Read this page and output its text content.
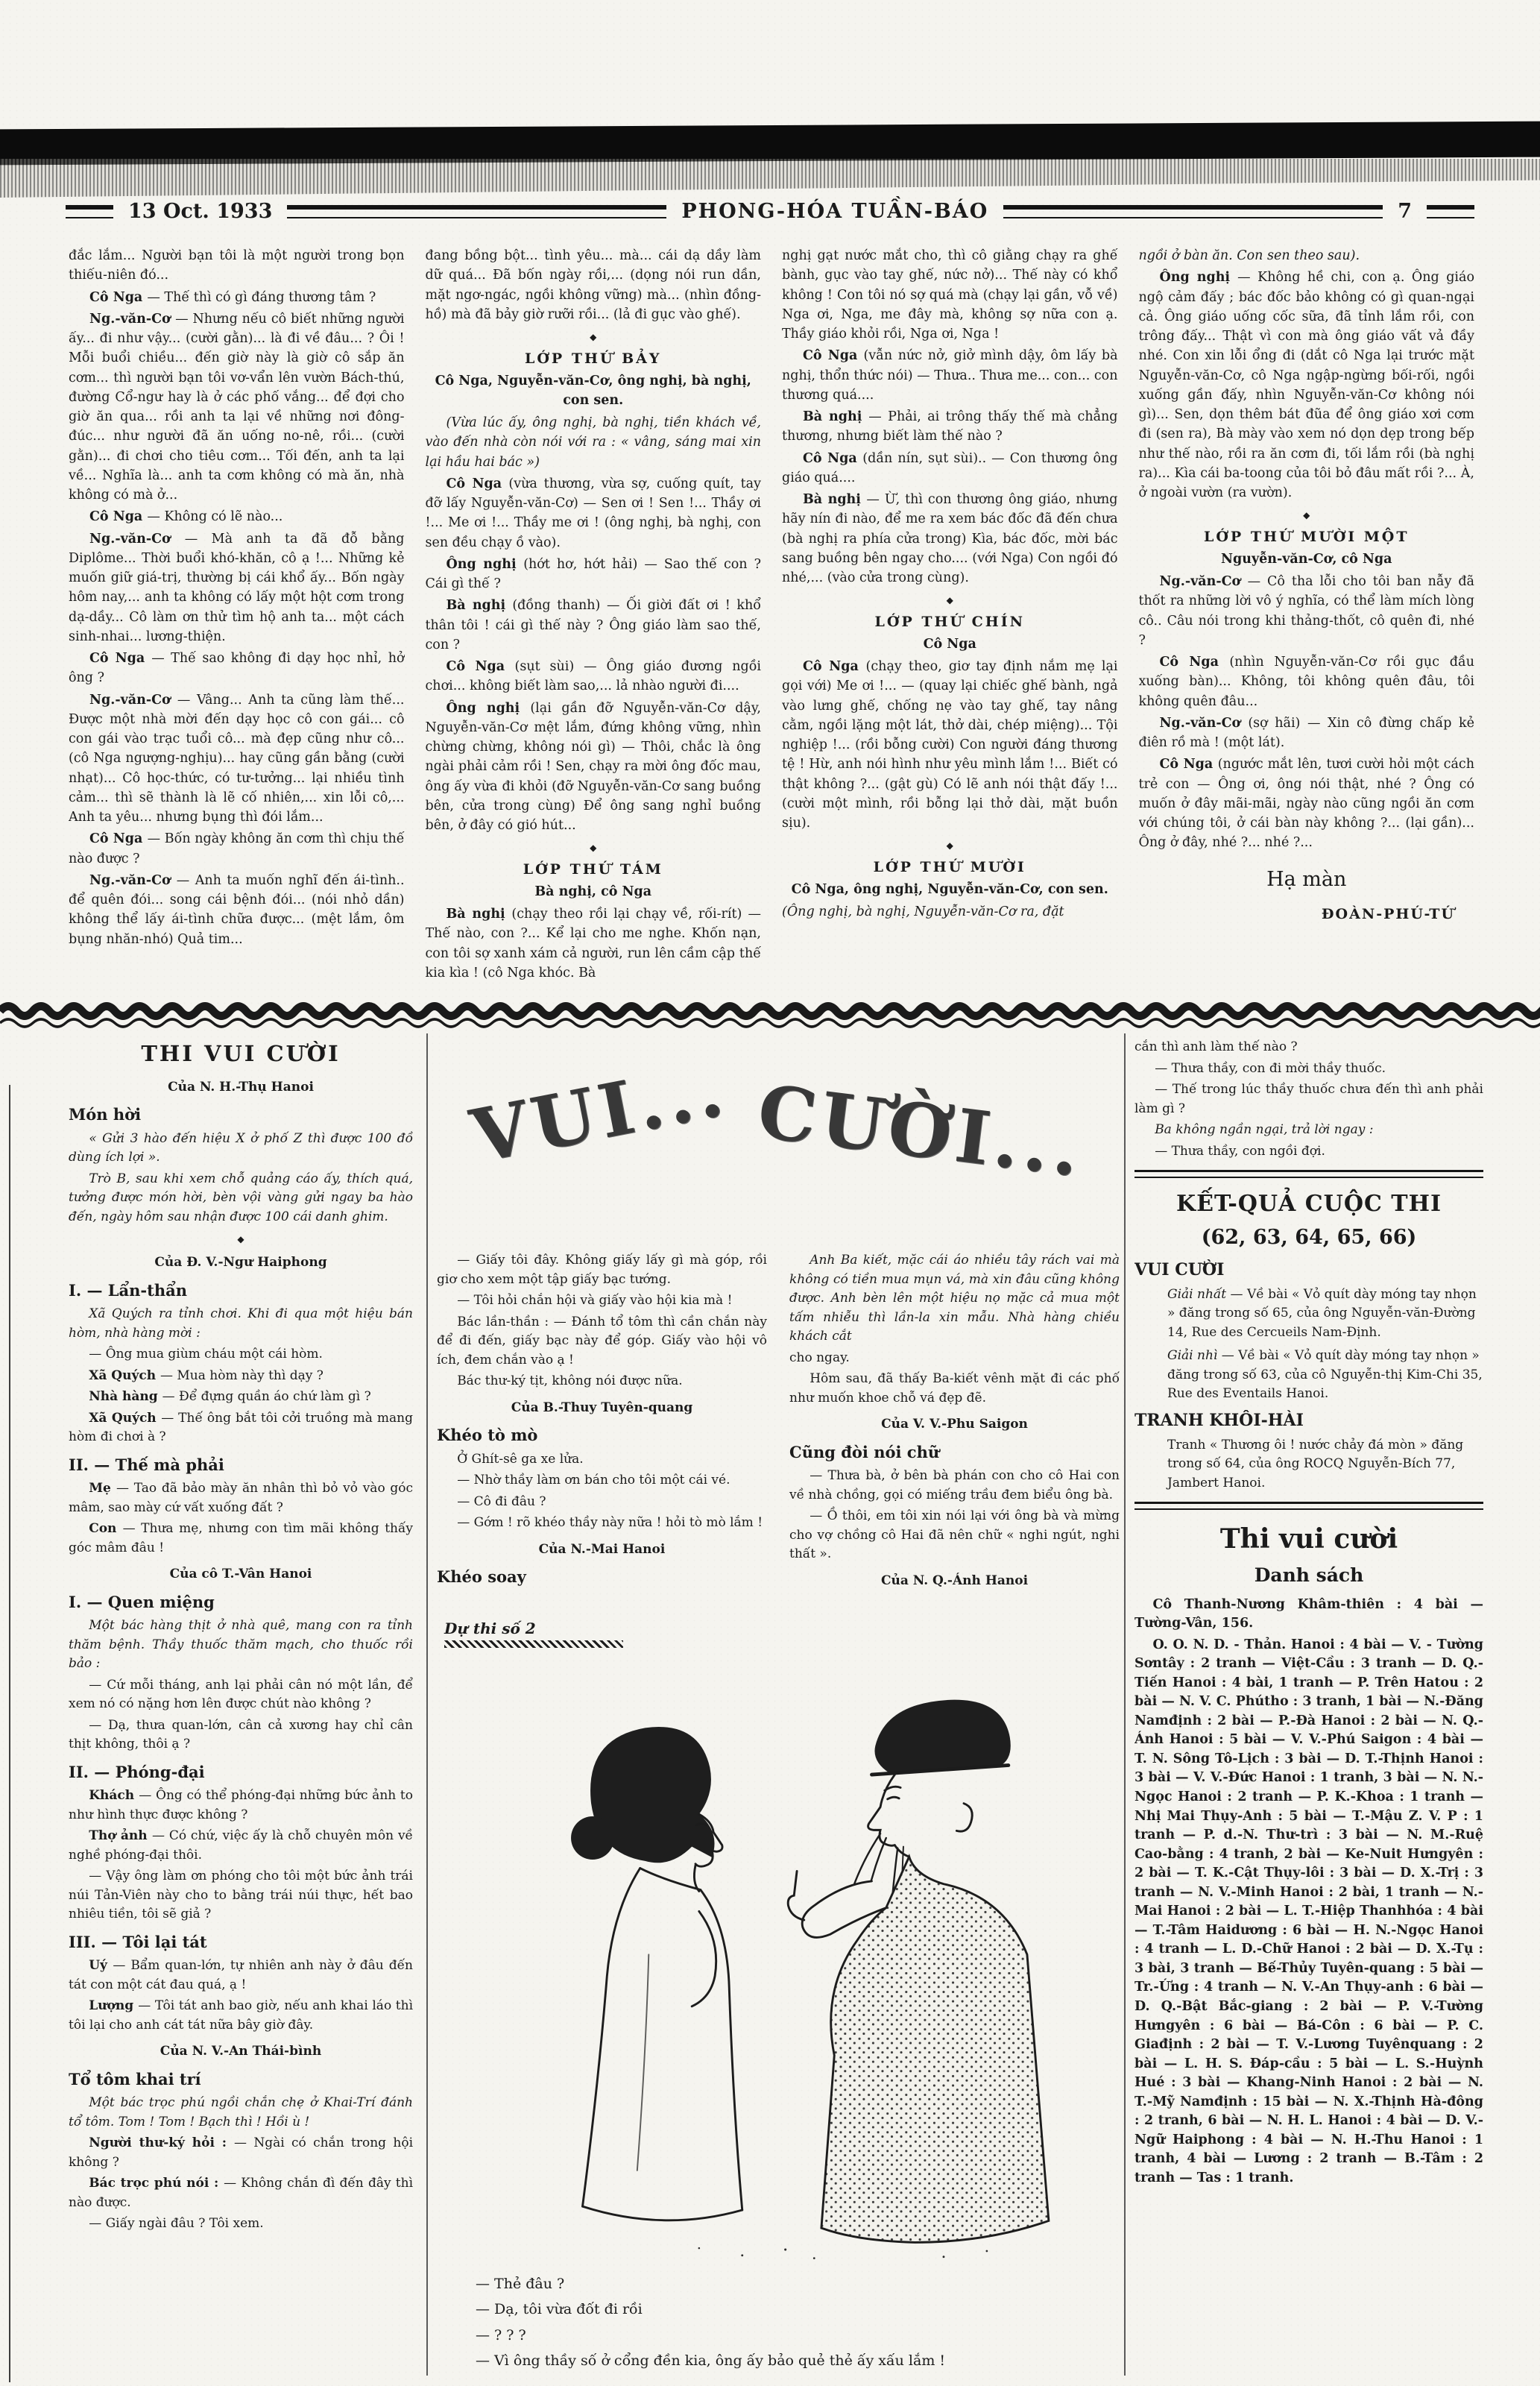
13 Oct. 1933	PHONG-HÓA TUẦN-BÁO	7

đắc lắm... Người bạn tôi là một người trong bọn thiếu-niên đó...

Cô Nga — Thế thì có gì đáng thương tâm ?

Ng.-văn-Cơ — Nhưng nếu cô biết những người ấy... đi như vậy... (cười gằn)... là đi về đâu... ? Ôi ! Mỗi buổi chiều... đến giờ này là giờ cô sắp ăn cơm... thì người bạn tôi vơ-vẩn lên vườn Bách-thú, đường Cổ-ngư hay là ở các phố vắng... để đợi cho giờ ăn qua... rồi anh ta lại về những nơi đông-đúc... như người đã ăn uống no-nê, rồi... (cười gằn)... đi chơi cho tiêu cơm... Tối đến, anh ta lại về... Nghĩa là... anh ta cơm không có mà ăn, nhà không có mà ở...

Cô Nga — Không có lẽ nào...

Ng.-văn-Cơ — Mà anh ta đã đỗ bằng Diplôme... Thời buổi khó-khăn, cô ạ !... Những kẻ muốn giữ giá-trị, thường bị cái khổ ấy... Bốn ngày hôm nay,... anh ta không có lấy một hột cơm trong dạ-dầy... Cô làm ơn thử tìm hộ anh ta... một cách sinh-nhai... lương-thiện.

Cô Nga — Thế sao không đi dạy học nhỉ, hở ông ?

Ng.-văn-Cơ — Vâng... Anh ta cũng làm thế... Được một nhà mời đến dạy học cô con gái... cô con gái vào trạc tuổi cô... mà đẹp cũng như cô... (cô Nga ngượng-nghịu)... hay cũng gần bằng (cười nhạt)... Cô học-thức, có tư-tưởng... lại nhiều tình cảm... thì sẽ thành là lẽ cố nhiên,... xin lỗi cô,... Anh ta yêu... nhưng bụng thì đói lắm...

Cô Nga — Bốn ngày không ăn cơm thì chịu thế nào được ?

Ng.-văn-Cơ — Anh ta muốn nghĩ đến ái-tình.. để quên đói... song cái bệnh đói... (nói nhỏ dần) không thể lấy ái-tình chữa được... (mệt lắm, ôm bụng nhăn-nhó) Quả tim...

đang bồng bột... tình yêu... mà... cái dạ dầy làm dữ quá... Đã bốn ngày rồi,... (dọng nói run dần, mặt ngơ-ngác, ngồi không vững) mà... (nhìn đồng-hồ) mà đã bảy giờ rưỡi rồi... (lả đi gục vào ghế).

◆

LỚP THỨ BẢY

Cô Nga, Nguyễn-văn-Cơ, ông nghị, bà nghị, con sen.

(Vừa lúc ấy, ông nghị, bà nghị, tiền khách về, vào đến nhà còn nói với ra : « vâng, sáng mai xin lại hầu hai bác »)

Cô Nga (vừa thương, vừa sợ, cuống quít, tay đỡ lấy Nguyễn-văn-Cơ) — Sen ơi ! Sen !... Thầy ơi !... Me ơi !... Thầy me ơi ! (ông nghị, bà nghị, con sen đều chạy ồ vào).

Ông nghị (hớt hơ, hớt hải) — Sao thế con ? Cái gì thế ?

Bà nghị (đồng thanh) — Ối giời đất ơi ! khổ thân tôi ! cái gì thế này ? Ông giáo làm sao thế, con ?

Cô Nga (sụt sùi) — Ông giáo đương ngồi chơi... không biết làm sao,... lả nhào người đi....

Ông nghị (lại gần đỡ Nguyễn-văn-Cơ dậy, Nguyễn-văn-Cơ mệt lắm, đứng không vững, nhìn chừng chừng, không nói gì) — Thôi, chắc là ông ngài phải cảm rồi ! Sen, chạy ra mời ông đốc mau, ông ấy vừa đi khỏi (đỡ Nguyễn-văn-Cơ sang buồng bên, cửa trong cùng) Để ông sang nghỉ buồng bên, ở đây có gió hút...

◆

LỚP THỨ TÁM

Bà nghị, cô Nga

Bà nghị (chạy theo rồi lại chạy về, rối-rít) — Thế nào, con ?... Kể lại cho me nghe. Khốn nạn, con tôi sợ xanh xám cả người, run lên cầm cập thế kia kìa ! (cô Nga khóc. Bà

nghị gạt nước mắt cho, thì cô giằng chạy ra ghế bành, gục vào tay ghế, nức nở)... Thế này có khổ không ! Con tôi nó sợ quá mà (chạy lại gần, vỗ về) Nga ơi, Nga, me đây mà, không sợ nữa con ạ. Thầy giáo khỏi rồi, Nga ơi, Nga !

Cô Nga (vẫn nức nở, giở mình dậy, ôm lấy bà nghị, thổn thức nói) — Thưa.. Thưa me... con... con thương quá....

Bà nghị — Phải, ai trông thấy thế mà chẳng thương, nhưng biết làm thế nào ?

Cô Nga (dần nín, sụt sùi).. — Con thương ông giáo quá....

Bà nghị — Ừ, thì con thương ông giáo, nhưng hãy nín đi nào, để me ra xem bác đốc đã đến chưa (bà nghị ra phía cửa trong) Kìa, bác đốc, mời bác sang buồng bên ngay cho.... (với Nga) Con ngồi đó nhé,... (vào cửa trong cùng).

◆

LỚP THỨ CHÍN

Cô Nga

Cô Nga (chạy theo, giơ tay định nắm mẹ lại gọi với) Me ơi !... — (quay lại chiếc ghế bành, ngả vào lưng ghế, chống nẹ vào tay ghế, tay nâng cằm, ngồi lặng một lát, thở dài, chép miệng)... Tội nghiệp !... (rồi bỗng cười) Con người đáng thương tệ ! Hừ, anh nói hình như yêu mình lắm !... Biết có thật không ?... (gật gù) Có lẽ anh nói thật đấy !... (cười một mình, rồi bỗng lại thở dài, mặt buồn sịu).

◆

LỚP THỨ MƯỜI

Cô Nga, ông nghị, Nguyễn-văn-Cơ, con sen.

(Ông nghị, bà nghị, Nguyễn-văn-Cơ ra, đặt

ngồi ở bàn ăn. Con sen theo sau).

Ông nghị — Không hề chi, con ạ. Ông giáo ngộ cảm đấy ; bác đốc bảo không có gì quan-ngại cả. Ông giáo uống cốc sữa, đã tỉnh lắm rồi, con trông đấy... Thật vì con mà ông giáo vất vả đầy nhé. Con xin lỗi ổng đi (dắt cô Nga lại trước mặt Nguyễn-văn-Cơ, cô Nga ngập-ngừng bối-rối, ngồi xuống gần đấy, nhìn Nguyễn-văn-Cơ không nói gì)... Sen, dọn thêm bát đũa để ông giáo xơi cơm đi (sen ra), Bà mày vào xem nó dọn dẹp trong bếp như thế nào, rồi ra ăn cơm đi, tối lắm rồi (bà nghị ra)... Kìa cái ba-toong của tôi bỏ đâu mất rồi ?... À, ở ngoài vườn (ra vườn).

◆

LỚP THỨ MƯỜI MỘT

Nguyễn-văn-Cơ, cô Nga

Ng.-văn-Cơ — Cô tha lỗi cho tôi ban nẫy đã thốt ra những lời vô ý nghĩa, có thể làm mích lòng cô.. Câu nói trong khi thảng-thốt, cô quên đi, nhé ?

Cô Nga (nhìn Nguyễn-văn-Cơ rồi gục đầu xuống bàn)... Không, tôi không quên đâu, tôi không quên đâu...

Ng.-văn-Cơ (sợ hãi) — Xin cô đừng chấp kẻ điên rồ mà ! (một lát).

Cô Nga (ngước mắt lên, tươi cười hỏi một cách trẻ con — Ông ơi, ông nói thật, nhé ? Ông có muốn ở đây mãi-mãi, ngày nào cũng ngồi ăn cơm với chúng tôi, ở cái bàn này không ?... (lại gần)... Ông ở đây, nhé ?... nhé ?...

Hạ màn

ĐOÀN-PHÚ-TỨ

THI VUI CƯỜI

Của N. H.-Thụ Hanoi

Món hời

« Gửi 3 hào đến hiệu X ở phố Z thì được 100 đồ dùng ích lợi ».

Trò B, sau khi xem chỗ quảng cáo ấy, thích quá, tưởng được món hời, bèn vội vàng gửi ngay ba hào đến, ngày hôm sau nhận được 100 cái danh ghim.

◆

Của Đ. V.-Ngư Haiphong

I. — Lẩn-thẩn

Xã Quých ra tỉnh chơi. Khi đi qua một hiệu bán hòm, nhà hàng mời :

— Ông mua giùm cháu một cái hòm.

Xã Quých — Mua hòm này thì dạy ?

Nhà hàng — Để đựng quần áo chứ làm gì ?

Xã Quých — Thế ông bắt tôi cởi truồng mà mang hòm đi chơi à ?

II. — Thế mà phải

Mẹ — Tao đã bảo mày ăn nhân thì bỏ vỏ vào góc mâm, sao mày cứ vất xuống đất ?

Con — Thưa mẹ, nhưng con tìm mãi không thấy góc mâm đâu !

Của cô T.-Vân Hanoi

I. — Quen miệng

Một bác hàng thịt ở nhà quê, mang con ra tỉnh thăm bệnh. Thầy thuốc thăm mạch, cho thuốc rồi bảo :

— Cứ mỗi tháng, anh lại phải cân nó một lần, để xem nó có nặng hơn lên được chút nào không ?

— Dạ, thưa quan-lớn, cân cả xương hay chỉ cân thịt không, thôi ạ ?

II. — Phóng-đại

Khách — Ông có thể phóng-đại những bức ảnh to như hình thực được không ?

Thợ ảnh — Có chứ, việc ấy là chỗ chuyên môn về nghề phóng-đại thôi.

— Vậy ông làm ơn phóng cho tôi một bức ảnh trái núi Tản-Viên này cho to bằng trái núi thực, hết bao nhiêu tiền, tôi sẽ giả ?

III. — Tôi lại tát

Uý — Bẩm quan-lớn, tự nhiên anh này ở đâu đến tát con một cát đau quá, ạ !

Lượng — Tôi tát anh bao giờ, nếu anh khai láo thì tôi lại cho anh cát tát nữa bây giờ đây.

Của N. V.-An Thái-bình

Tổ tôm khai trí

Một bác trọc phú ngồi chắn chẹ ở Khai-Trí đánh tổ tôm. Tom ! Tom ! Bạch thì ! Hồi ù !

Người thư-ký hỏi : — Ngài có chắn trong hội không ?

Bác trọc phú nói : — Không chắn đì đến đây thì nào được.

— Giấy ngài đâu ? Tôi xem.

VUI... CƯỜI...

— Giấy tôi đây. Không giấy lấy gì mà góp, rồi giơ cho xem một tập giấy bạc tướng.

— Tôi hỏi chắn hội và giấy vào hội kia mà !

Bác lần-thần : — Đánh tổ tôm thì cần chắn này để đi đến, giấy bạc này để góp. Giấy vào hội vô ích, đem chắn vào ạ !

Bác thư-ký tịt, không nói được nữa.

Của B.-Thuy Tuyên-quang

Khéo tò mò

Ở Ghít-sê ga xe lửa.

— Nhờ thầy làm ơn bán cho tôi một cái vé.

— Cô đi đâu ?

— Gớm ! rõ khéo thầy này nữa ! hỏi tò mò lắm !

Của N.-Mai Hanoi

Khéo soay

Anh Ba kiết, mặc cái áo nhiều tây rách vai mà không có tiền mua mụn vá, mà xin đâu cũng không được. Anh bèn lên một hiệu nọ mặc cả mua một tấm nhiễu thì lần-la xin mẫu. Nhà hàng chiều khách cắt

cho ngay.

Hôm sau, đã thấy Ba-kiết vênh mặt đi các phố như muốn khoe chỗ vá đẹp đẽ.

Của V. V.-Phu Saigon

Cũng đòi nói chữ

— Thưa bà, ở bên bà phán con cho cô Hai con về nhà chồng, gọi có miếng trầu đem biểu ông bà.

— Ồ thôi, em tôi xin nói lại với ông bà và mừng cho vợ chồng cô Hai đã nên chữ « nghi ngút, nghi thất ».

Của N. Q.-Ánh Hanoi

Dự thi số 2

— Thẻ đâu ?

— Dạ, tôi vừa đốt đi rồi

— ? ? ?

— Vì ông thầy số ở cổng đền kia, ông ấy bảo quẻ thẻ ấy xấu lắm !

cắn thì anh làm thế nào ?

— Thưa thầy, con đi mời thầy thuốc.

— Thế trong lúc thầy thuốc chưa đến thì anh phải làm gì ?

Ba không ngần ngại, trả lời ngay :

— Thưa thầy, con ngồi đợi.

KẾT-QUẢ CUỘC THI

(62, 63, 64, 65, 66)

VUI CƯỜI

Giải nhất — Về bài « Vỏ quít dày móng tay nhọn » đăng trong số 65, của ông Nguyễn-văn-Đường 14, Rue des Cercueils Nam-Định.

Giải nhì — Về bài « Vỏ quít dày móng tay nhọn » đăng trong số 63, của cô Nguyễn-thị Kim-Chi 35, Rue des Eventails Hanoi.

TRANH KHÔI-HÀI

Tranh « Thương ôi ! nước chảy đá mòn » đăng trong số 64, của ông ROCQ Nguyễn-Bích 77, Jambert Hanoi.

Thi vui cười

Danh sách

Cô Thanh-Nương Khâm-thiên : 4 bài — Tường-Vân, 156.

O. O. N. D. - Thản. Hanoi : 4 bài — V. - Tường Sơntây : 2 tranh — Việt-Cầu : 3 tranh — D. Q.-Tiến Hanoi : 4 bài, 1 tranh — P. Trên Hatou : 2 bài — N. V. C. Phútho : 3 tranh, 1 bài — N.-Đăng Namđịnh : 2 bài — P.-Đà Hanoi : 2 bài — N. Q.-Ánh Hanoi : 5 bài — V. V.-Phú Saigon : 4 bài — T. N. Sông Tô-Lịch : 3 bài — D. T.-Thịnh Hanoi : 3 bài — V. V.-Đức Hanoi : 1 tranh, 3 bài — N. N.-Ngọc Hanoi : 2 tranh — P. K.-Khoa : 1 tranh — Nhị Mai Thụy-Anh : 5 bài — T.-Mậu Z. V. P : 1 tranh — P. d.-N. Thư-trì : 3 bài — N. M.-Ruệ Cao-bằng : 4 tranh, 2 bài — Ke-Nuit Hưngyên : 2 bài — T. K.-Cật Thụy-lôi : 3 bài — D. X.-Trị : 3 tranh — N. V.-Minh Hanoi : 2 bài, 1 tranh — N.-Mai Hanoi : 2 bài — L. T.-Hiệp Thanhhóa : 4 bài — T.-Tâm Haidương : 6 bài — H. N.-Ngọc Hanoi : 4 tranh — L. D.-Chữ Hanoi : 2 bài — D. X.-Tụ : 3 bài, 3 tranh — Bế-Thủy Tuyên-quang : 5 bài — Tr.-Ứng : 4 tranh — N. V.-An Thụy-anh : 6 bài — D. Q.-Bật Bắc-giang : 2 bài — P. V.-Tường Hưngyên : 6 bài — Bá-Côn : 6 bài — P. C. Giađịnh : 2 bài — T. V.-Lương Tuyênquang : 2 bài — L. H. S. Đáp-cầu : 5 bài — L. S.-Huỳnh Hué : 3 bài — Khang-Ninh Hanoi : 2 bài — N. T.-Mỹ Namđịnh : 15 bài — N. X.-Thịnh Hà-đông : 2 tranh, 6 bài — N. H. L. Hanoi : 4 bài — D. V.-Ngữ Haiphong : 4 bài — N. H.-Thu Hanoi : 1 tranh, 4 bài — Lương : 2 tranh — B.-Tâm : 2 tranh — Tas : 1 tranh.
